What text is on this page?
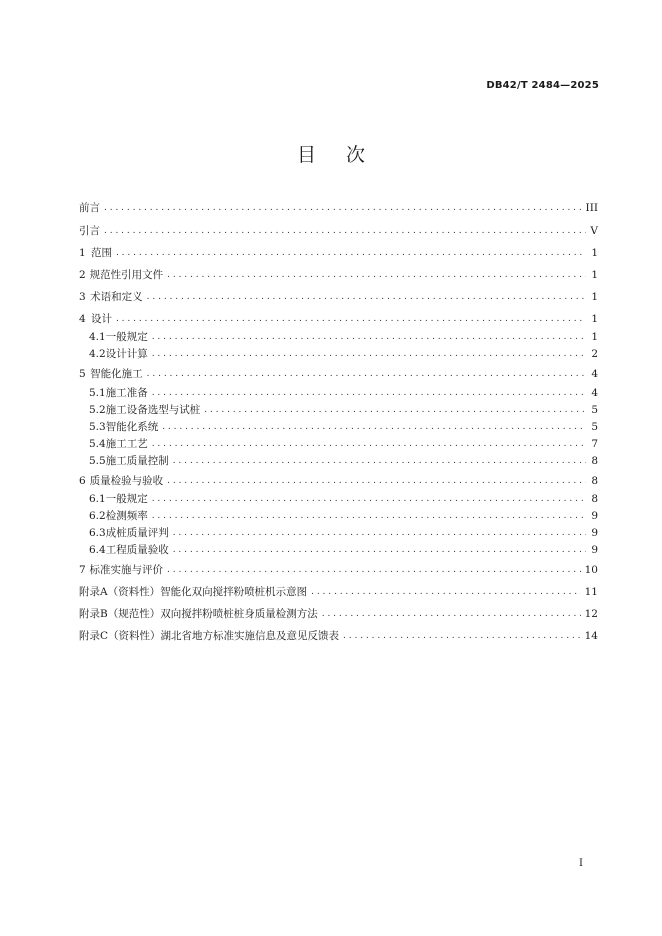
DB42/T 2484—2025
目次
前言 . . .	III
引言 . . .	V
1 范围 . . .	1
2 规范性引用文件 . . .	1
3 术语和定义 . . .	1
4 设计 . . .	1
4.1 一般规定 . . .	1
4.2 设计计算 . . .	2
5 智能化施工 . . .	4
5.1 施工准备 . . .	4
5.2 施工设备选型与试桩 . . .	5
5.3 智能化系统 . . .	5
5.4 施工工艺 . . .	7
5.5 施工质量控制 . . .	8
6 质量检验与验收 . . .	8
6.1 一般规定 . . .	8
6.2 检测频率 . . .	9
6.3 成桩质量评判 . . .	9
6.4 工程质量验收 . . .	9
7 标准实施与评价 . . .	10
附录A（资料性） 智能化双向搅拌粉喷桩机示意图 . . .	11
附录B（规范性） 双向搅拌粉喷桩桩身质量检测方法 . . .	12
附录C（资料性） 湖北省地方标准实施信息及意见反馈表 . . .	14
I
